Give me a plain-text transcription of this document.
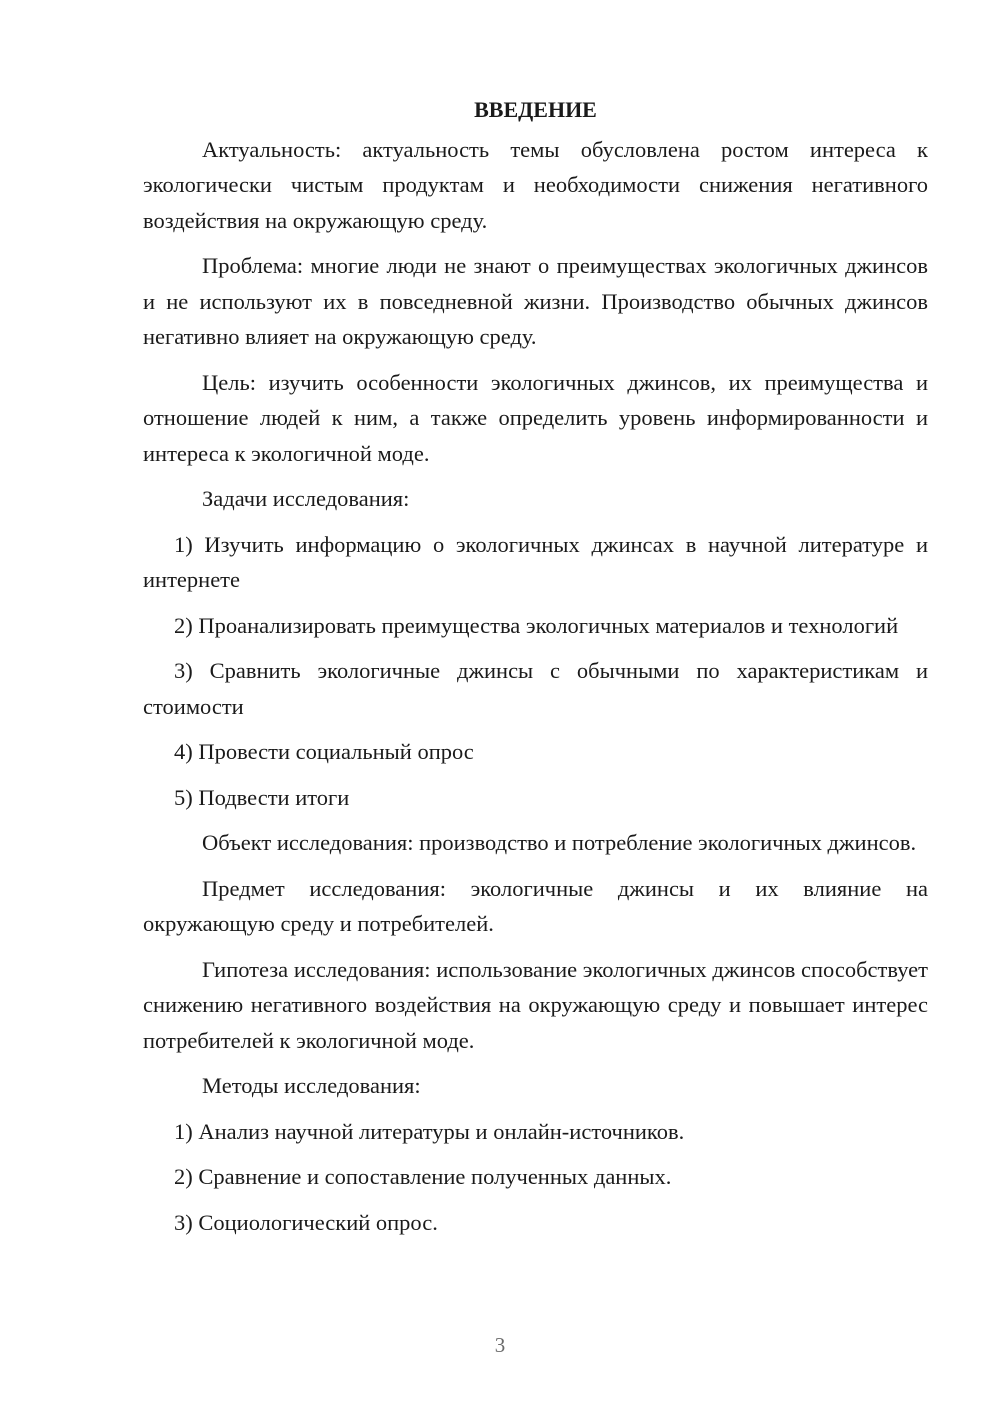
ВВЕДЕНИЕ

Актуальность: актуальность темы обусловлена ростом интереса к экологически чистым продуктам и необходимости снижения негативного воздействия на окружающую среду.

Проблема: многие люди не знают о преимуществах экологичных джинсов и не используют их в повседневной жизни. Производство обычных джинсов негативно влияет на окружающую среду.

Цель: изучить особенности экологичных джинсов, их преимущества и отношение людей к ним, а также определить уровень информированности и интереса к экологичной моде.

Задачи исследования:

1) Изучить информацию о экологичных джинсах в научной литературе и интернете

2) Проанализировать преимущества экологичных материалов и технологий

3) Сравнить экологичные джинсы с обычными по характеристикам и стоимости

4) Провести социальный опрос

5) Подвести итоги

Объект исследования: производство и потребление экологичных джинсов.

Предмет исследования: экологичные джинсы и их влияние на окружающую среду и потребителей.

Гипотеза исследования: использование экологичных джинсов способствует снижению негативного воздействия на окружающую среду и повышает интерес потребителей к экологичной моде.

Методы исследования:

1) Анализ научной литературы и онлайн-источников.

2) Сравнение и сопоставление полученных данных.

3) Социологический опрос.

3
